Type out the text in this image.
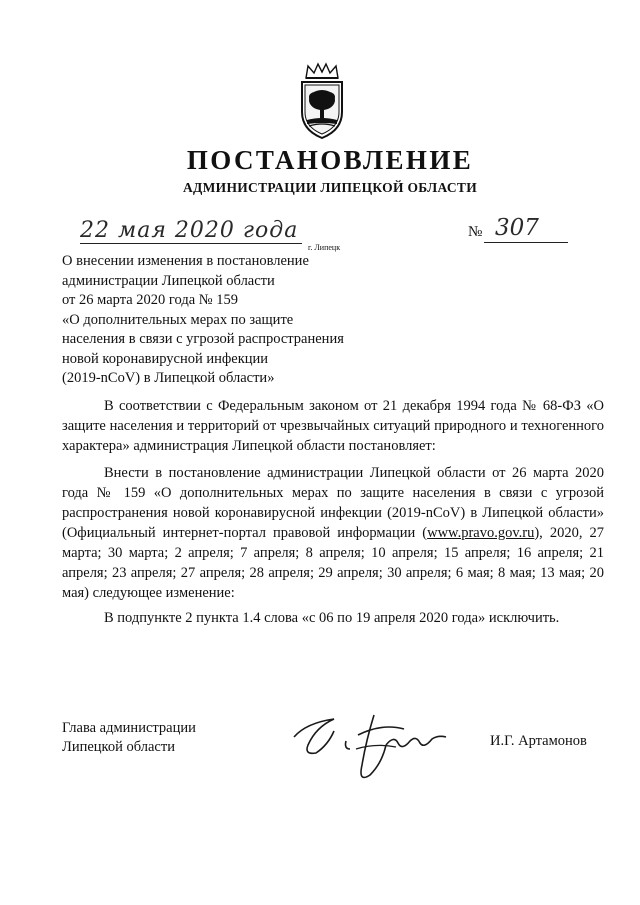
ПОСТАНОВЛЕНИЕ
АДМИНИСТРАЦИИ ЛИПЕЦКОЙ ОБЛАСТИ
22 мая 2020 года
г. Липецк
№ 307
О внесении изменения в постановление
администрации Липецкой области
от 26 марта 2020 года № 159
«О дополнительных мерах по защите
населения в связи с угрозой распространения
новой коронавирусной инфекции
(2019-nCoV) в Липецкой области»

В соответствии с Федеральным законом от 21 декабря 1994 года № 68-ФЗ «О защите населения и территорий от чрезвычайных ситуаций природного и техногенного характера» администрация Липецкой области постановляет:

Внести в постановление администрации Липецкой области от 26 марта 2020 года № 159 «О дополнительных мерах по защите населения в связи с угрозой распространения новой коронавирусной инфекции (2019-nCoV) в Липецкой области» (Официальный интернет-портал правовой информации (www.pravo.gov.ru), 2020, 27 марта; 30 марта; 2 апреля; 7 апреля; 8 апреля; 10 апреля; 15 апреля; 16 апреля; 21 апреля; 23 апреля; 27 апреля; 28 апреля; 29 апреля; 30 апреля; 6 мая; 8 мая; 13 мая; 20 мая) следующее изменение:

В подпункте 2 пункта 1.4 слова «с 06 по 19 апреля 2020 года» исключить.

Глава администрации
Липецкой области	И.Г. Артамонов
